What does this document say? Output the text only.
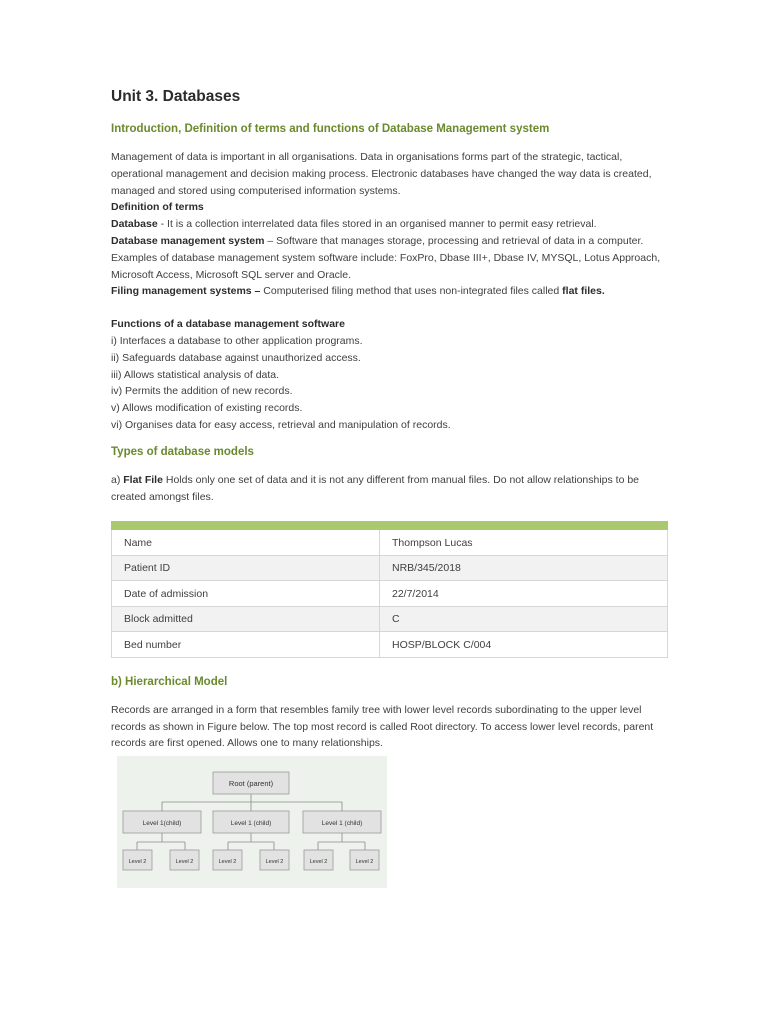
Unit 3. Databases
Introduction, Definition of terms and functions of Database Management system

Management of data is important in all organisations. Data in organisations forms part of the strategic, tactical, operational management and decision making process. Electronic databases have changed the way data is created, managed and stored using computerised information systems.

Definition of terms

Database - It is a collection interrelated data files stored in an organised manner to permit easy retrieval.

Database management system – Software that manages storage, processing and retrieval of data in a computer. Examples of database management system software include: FoxPro, Dbase III+, Dbase IV, MYSQL, Lotus Approach, Microsoft Access, Microsoft SQL server and Oracle.

Filing management systems – Computerised filing method that uses non-integrated files called flat files.

Functions of a database management software

i) Interfaces a database to other application programs.

ii) Safeguards database against unauthorized access.

iii) Allows statistical analysis of data.

iv) Permits the addition of new records.

v) Allows modification of existing records.

vi) Organises data for easy access, retrieval and manipulation of records.

Types of database models

a) Flat File Holds only one set of data and it is not any different from manual files. Do not allow relationships to be created amongst files.

Name	Thompson Lucas
Patient ID	NRB/345/2018
Date of admission	22/7/2014
Block admitted	C
Bed number	HOSP/BLOCK C/004
b) Hierarchical Model

Records are arranged in a form that resembles family tree with lower level records subordinating to the upper level records as shown in Figure below. The top most record is called Root directory. To access lower level records, parent records are first opened. Allows one to many relationships.

Root (parent)
Level 1(child)	Level 1 (child)	Level 1 (child)
Level 2	Level 2	Level 2	Level 2	Level 2	Level 2
